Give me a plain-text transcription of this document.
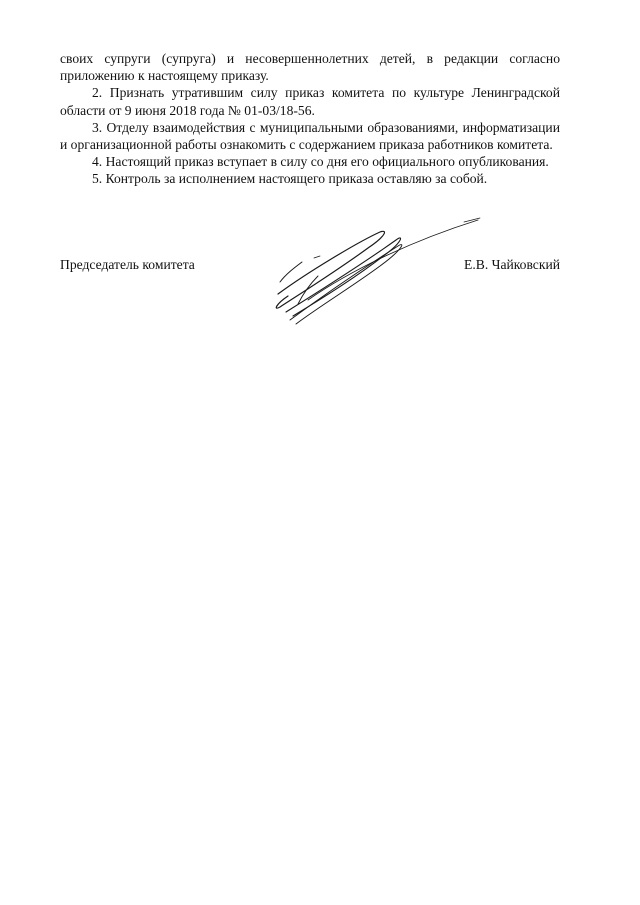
своих супруги (супруга) и несовершеннолетних детей, в редакции согласно приложению к настоящему приказу.

2. Признать утратившим силу приказ комитета по культуре Ленинградской области от 9 июня 2018 года № 01-03/18-56.

3. Отделу взаимодействия с муниципальными образованиями, информатизации и организационной работы ознакомить с содержанием приказа работников комитета.

4. Настоящий приказ вступает в силу со дня его официального опубликования.

5. Контроль за исполнением настоящего приказа оставляю за собой.

Председатель комитета	Е.В. Чайковский
